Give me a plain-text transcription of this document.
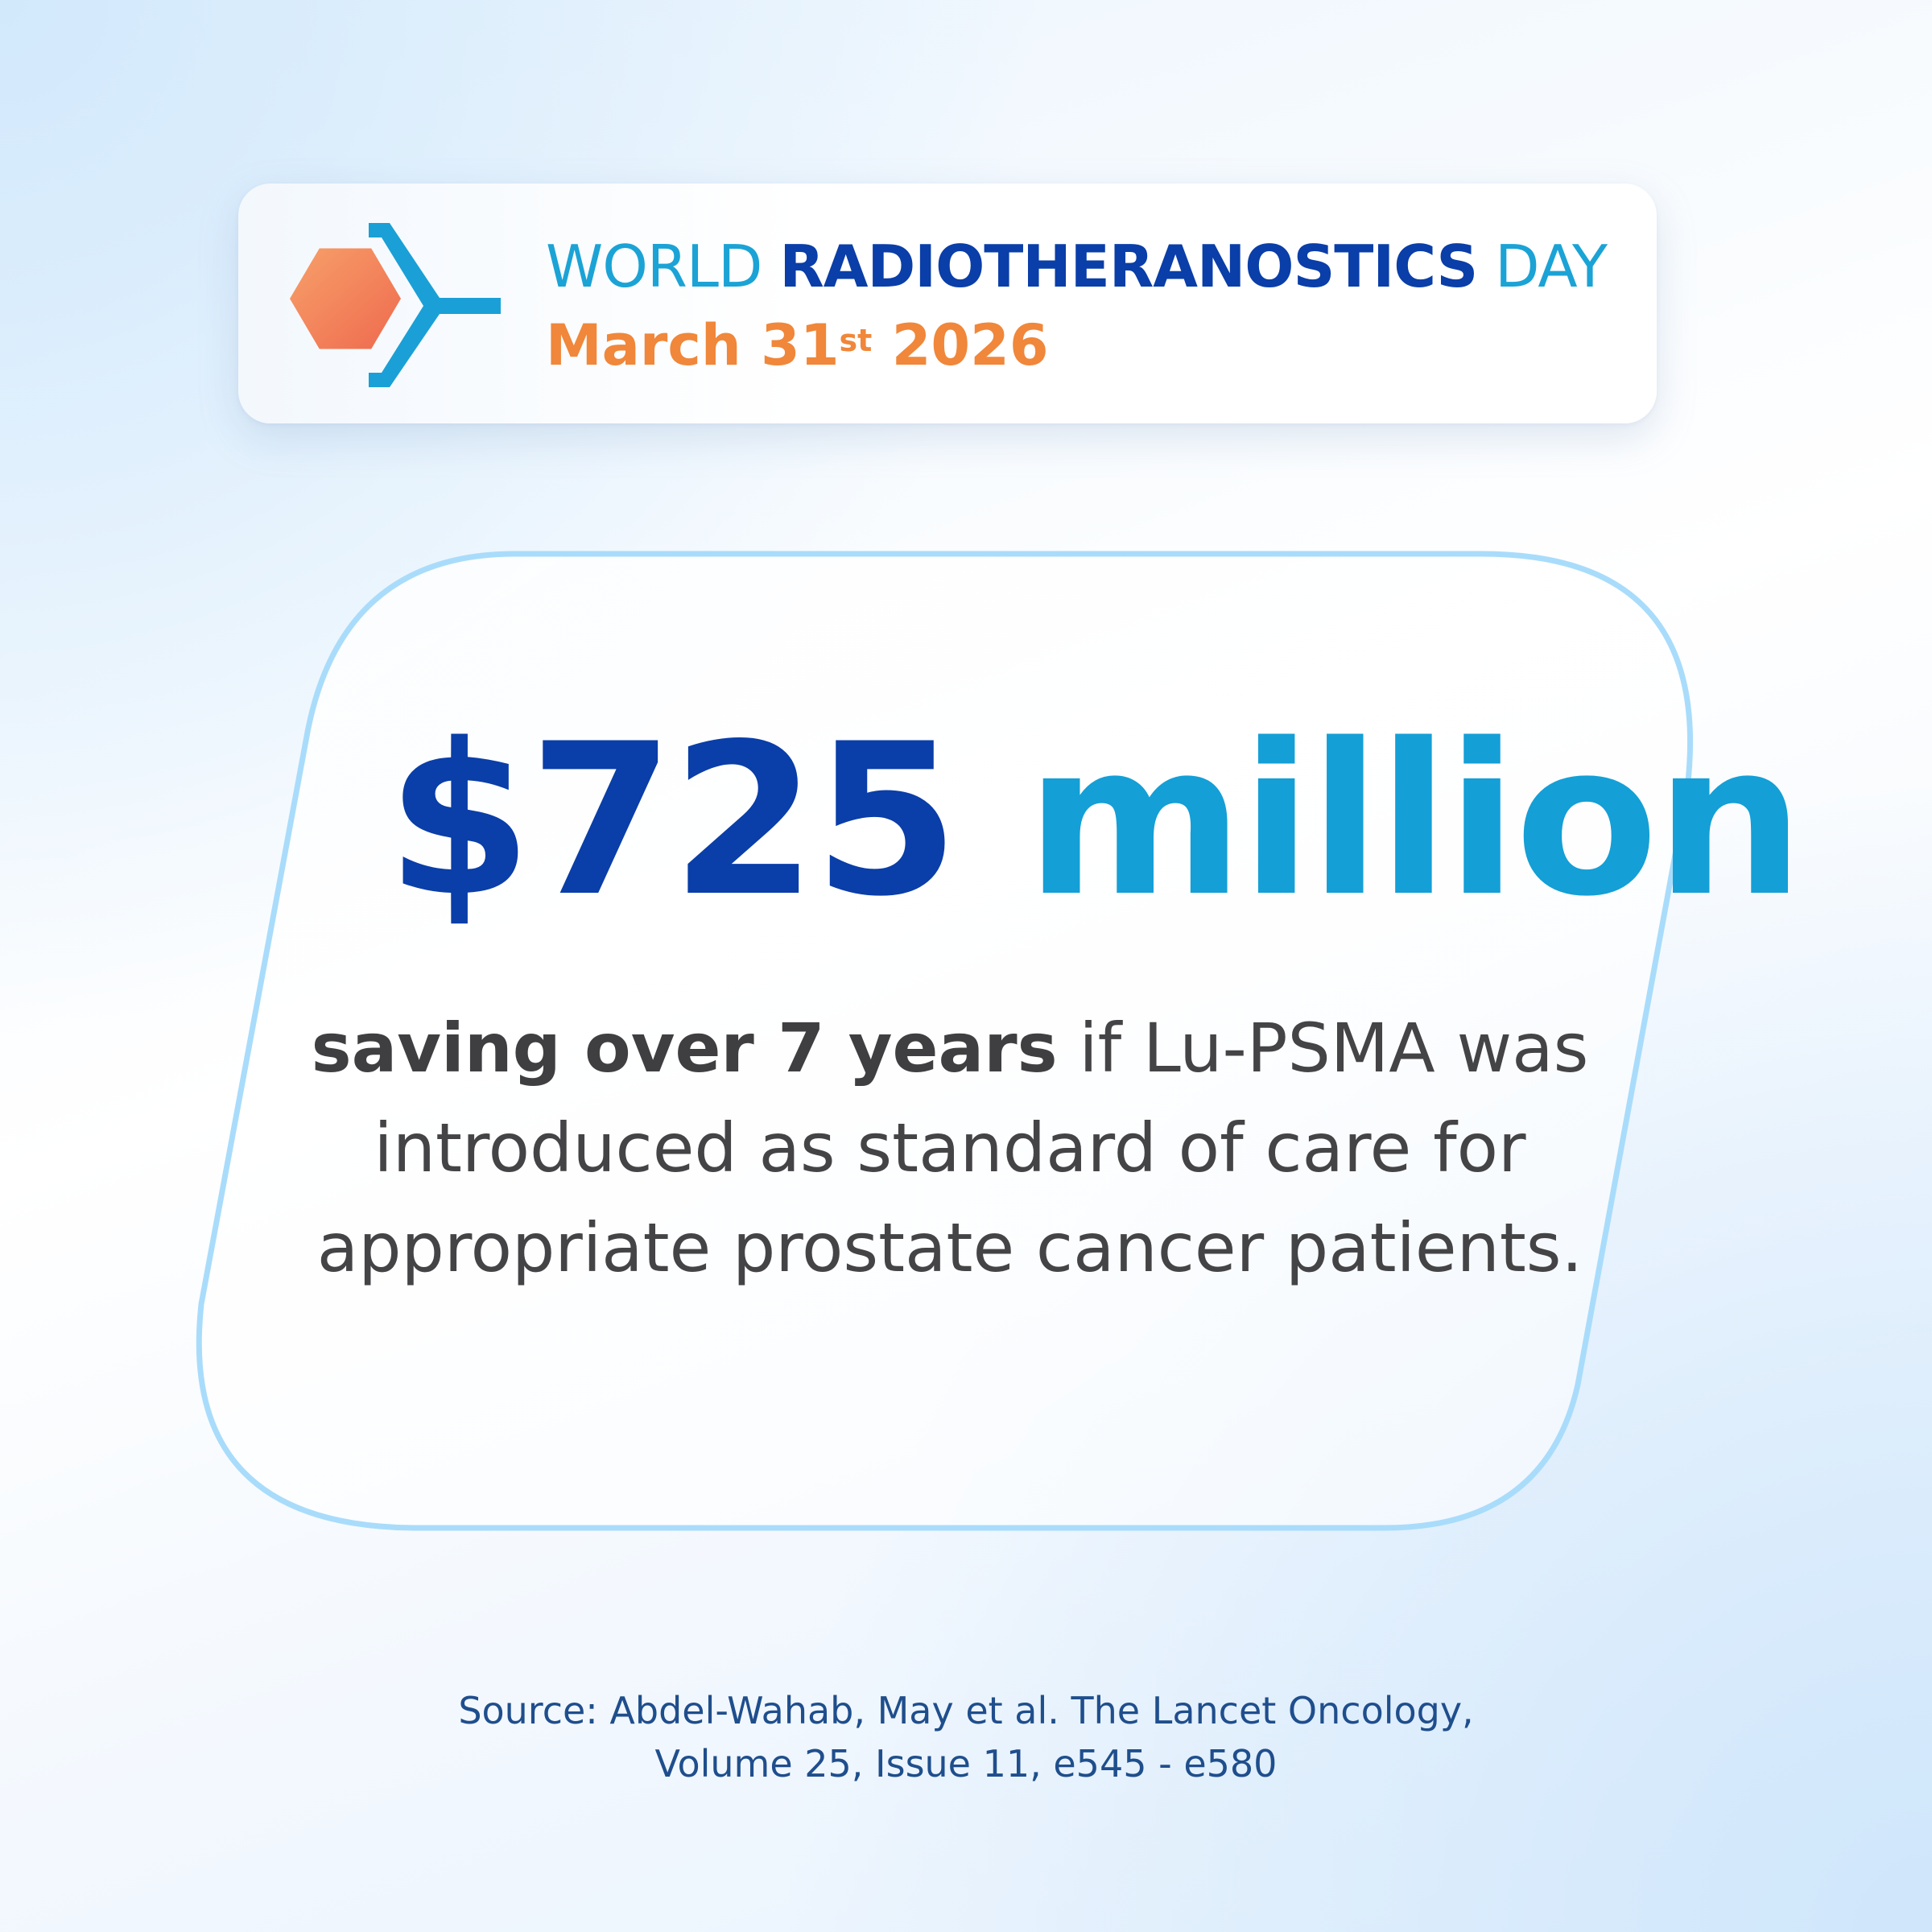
WORLD RADIOTHERANOSTICS DAY
March 31st 2026
$725 million
saving over 7 years if Lu-PSMA was introduced as standard of care for appropriate prostate cancer patients.
Source: Abdel-Wahab, May et al. The Lancet Oncology,
Volume 25, Issue 11, e545 - e580
